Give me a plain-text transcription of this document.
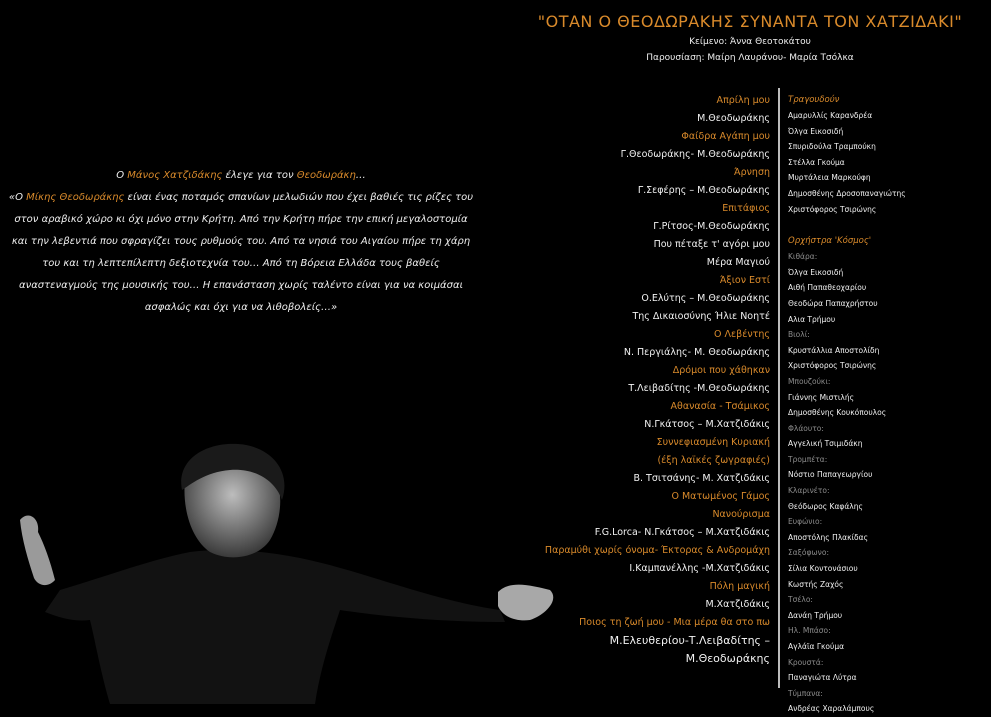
"ΟΤΑΝ Ο ΘΕΟΔΩΡΑΚΗΣ ΣΥΝΑΝΤΑ ΤΟΝ ΧΑΤΖΙΔΑΚΙ"

Κείμενο: Άννα Θεοτοκάτου
Παρουσίαση: Μαίρη Λαυράνου- Μαρία Τσόλκα

Ο Μάνος Χατζιδάκης έλεγε για τον Θεοδωράκη…

«Ο Μίκης Θεοδωράκης είναι ένας ποταμός σπανίων μελωδιών που έχει βαθιές τις ρίζες του στον αραβικό χώρο κι όχι μόνο στην Κρήτη. Από την Κρήτη πήρε την επική μεγαλοστομία και την λεβεντιά που σφραγίζει τους ρυθμούς του. Από τα νησιά του Αιγαίου πήρε τη χάρη του και τη λεπτεπίλεπτη δεξιοτεχνία του… Από τη Βόρεια Ελλάδα τους βαθείς αναστεναγμούς της μουσικής του… Η επανάσταση χωρίς ταλέντο είναι για να κοιμάσαι ασφαλώς και όχι για να λιθοβολείς…»

Απρίλη μου
Μ.Θεοδωράκης
Φαίδρα Αγάπη μου
Γ.Θεοδωράκης- Μ.Θεοδωράκης
Άρνηση
Γ.Σεφέρης – Μ.Θεοδωράκης
Επιτάφιος
Γ.Ρίτσος-Μ.Θεοδωράκης
Που πέταξε τ' αγόρι μου
Μέρα Μαγιού
Άξιον Εστί
Ο.Ελύτης – Μ.Θεοδωράκης
Της Δικαιοσύνης Ήλιε Νοητέ
Ο Λεβέντης
Ν. Περγιάλης- Μ. Θεοδωράκης
Δρόμοι που χάθηκαν
Τ.Λειβαδίτης -Μ.Θεοδωράκης
Αθανασία - Τσάμικος
Ν.Γκάτσος – Μ.Χατζιδάκις
Συννεφιασμένη Κυριακή
(έξη λαϊκές ζωγραφιές)
Β. Τσιτσάνης- Μ. Χατζιδάκις
Ο Ματωμένος Γάμος
Νανούρισμα
F.G.Lorca- Ν.Γκάτσος – Μ.Χατζιδάκις
Παραμύθι χωρίς όνομα- Έκτορας & Ανδρομάχη
Ι.Καμπανέλλης -Μ.Χατζιδάκις
Πόλη μαγική
Μ.Χατζιδάκις
Ποιος τη ζωή μου - Μια μέρα θα στο πω
Μ.Ελευθερίου-Τ.Λειβαδίτης –
Μ.Θεοδωράκης
Τραγουδούν
Αμαρυλλίς Καρανδρέα
Όλγα Εικοσιδή
Σπυριδούλα Τραμπούκη
Στέλλα Γκούμα
Μυρτάλεια Μαρκούφη
Δημοσθένης Δροσοπαναγιώτης
Χριστόφορος Τσιρώνης
Ορχήστρα 'Κόσμος'
Κιθάρα:
Όλγα Εικοσιδή
Αιθή Παπαθεοχαρίου
Θεοδώρα Παπαχρήστου
Αλια Τρήμου
Βιολί:
Κρυστάλλια Αποστολίδη
Χριστόφορος Τσιρώνης
Μπουζούκι:
Γιάννης Μιστιλής
Δημοσθένης Κουκόπουλος
Φλάουτο:
Αγγελική Τσιμιδάκη
Τρομπέτα:
Νόστιο Παπαγεωργίου
Κλαρινέτο:
Θεόδωρος Καφάλης
Ευφώνιο:
Αποστόλης Πλακίδας
Σαξόφωνο:
Σίλια Κοντονάσιου
Κωστής Ζαχός
Τσέλο:
Δανάη Τρήμου
Ηλ. Μπάσο:
Αγλάϊα Γκούμα
Κρουστά:
Παναγιώτα Λύτρα
Τύμπανα:
Ανδρέας Χαραλάμπους
